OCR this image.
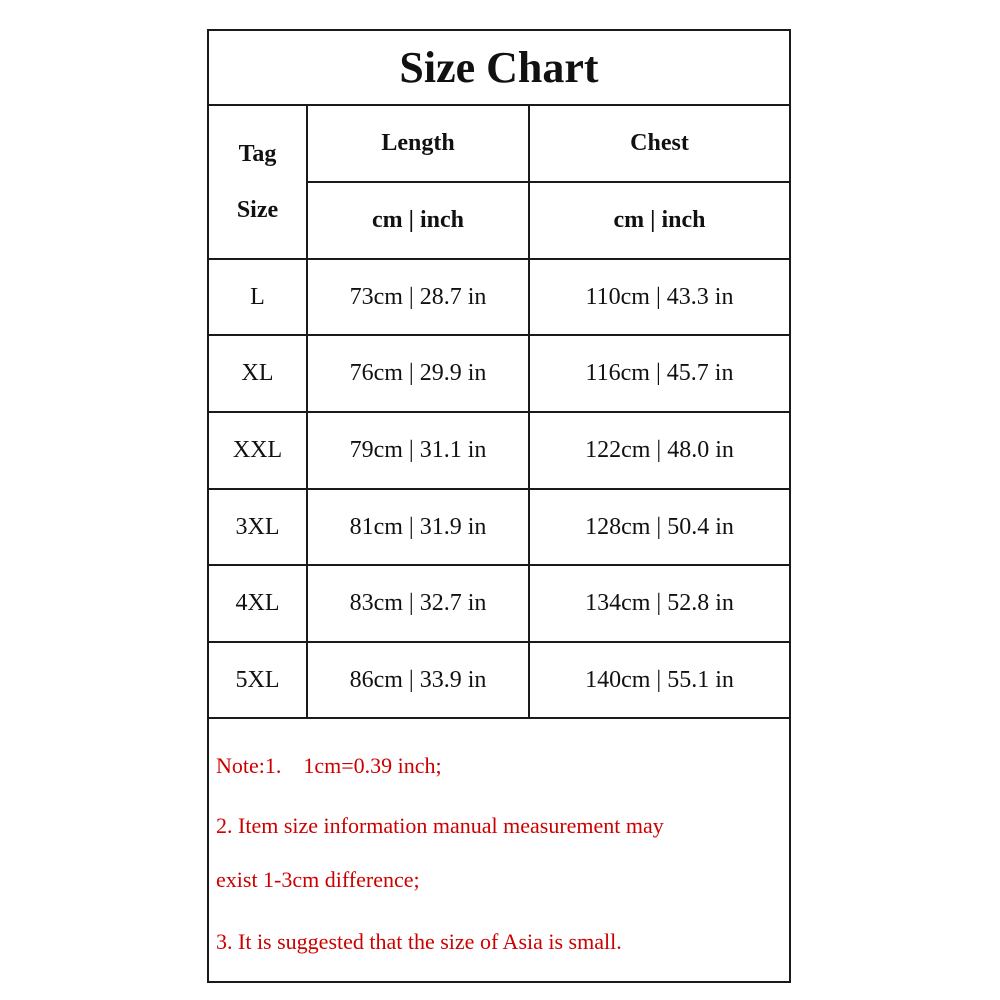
Size Chart
Tag
Size	Length	Chest
	cm | inch	cm | inch
L	73cm | 28.7 in	110cm | 43.3 in
XL	76cm | 29.9 in	116cm | 45.7 in
XXL	79cm | 31.1 in	122cm | 48.0 in
3XL	81cm | 31.9 in	128cm | 50.4 in
4XL	83cm | 32.7 in	134cm | 52.8 in
5XL	86cm | 33.9 in	140cm | 55.1 in
Note:1. 1cm=0.39 inch;
2. Item size information manual measurement may
exist 1-3cm difference;
3. It is suggested that the size of Asia is small.
